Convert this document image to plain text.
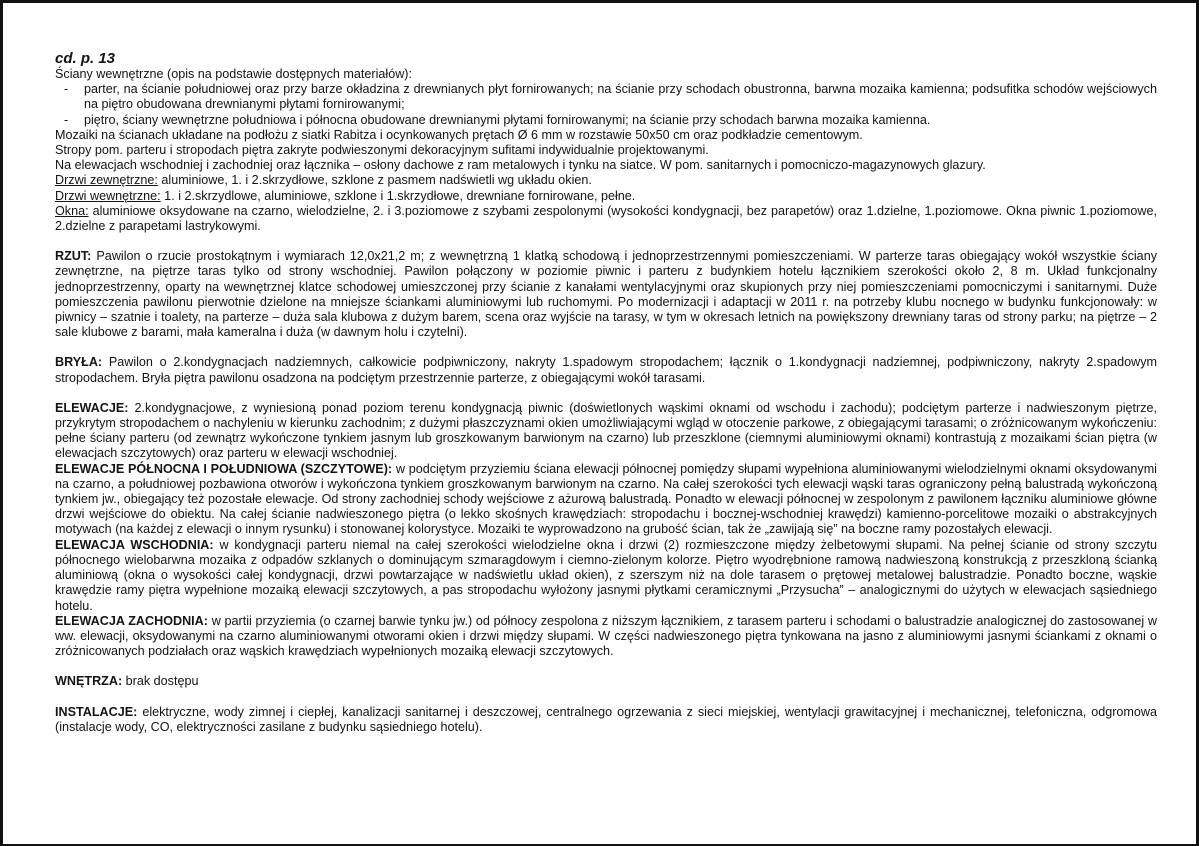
cd. p. 13

Ściany wewnętrzne (opis na podstawie dostępnych materiałów):

- parter, na ścianie południowej oraz przy barze okładzina z drewnianych płyt fornirowanych; na ścianie przy schodach obustronna, barwna mozaika kamienna; podsufitka schodów wejściowych na piętro obudowana drewnianymi płytami fornirowanymi;
- piętro, ściany wewnętrzne południowa i północna obudowane drewnianymi płytami fornirowanymi; na ścianie przy schodach barwna mozaika kamienna.

Mozaiki na ścianach układane na podłożu z siatki Rabitza i ocynkowanych prętach Ø 6 mm w rozstawie 50x50 cm oraz podkładzie cementowym.

Stropy pom. parteru i stropodach piętra zakryte podwieszonymi dekoracyjnym sufitami indywidualnie projektowanymi.

Na elewacjach wschodniej i zachodniej oraz łącznika – osłony dachowe z ram metalowych i tynku na siatce. W pom. sanitarnych i pomocniczo-magazynowych glazury.

Drzwi zewnętrzne: aluminiowe, 1. i 2.skrzydłowe, szklone z pasmem nadświetli wg układu okien.

Drzwi wewnętrzne: 1. i 2.skrzydlowe, aluminiowe, szklone i 1.skrzydłowe, drewniane fornirowane, pełne.

Okna: aluminiowe oksydowane na czarno, wielodzielne, 2. i 3.poziomowe z szybami zespolonymi (wysokości kondygnacji, bez parapetów) oraz 1.dzielne, 1.poziomowe. Okna piwnic 1.poziomowe, 2.dzielne z parapetami lastrykowymi.

RZUT: Pawilon o rzucie prostokątnym i wymiarach 12,0x21,2 m; z wewnętrzną 1 klatką schodową i jednoprzestrzennymi pomieszczeniami. W parterze taras obiegający wokół wszystkie ściany zewnętrzne, na piętrze taras tylko od strony wschodniej. Pawilon połączony w poziomie piwnic i parteru z budynkiem hotelu łącznikiem szerokości około 2, 8 m. Układ funkcjonalny jednoprzestrzenny, oparty na wewnętrznej klatce schodowej umieszczonej przy ścianie z kanałami wentylacyjnymi oraz skupionych przy niej pomieszczeniami pomocniczymi i sanitarnymi. Duże pomieszczenia pawilonu pierwotnie dzielone na mniejsze ściankami aluminiowymi lub ruchomymi. Po modernizacji i adaptacji w 2011 r. na potrzeby klubu nocnego w budynku funkcjonowały: w piwnicy – szatnie i toalety, na parterze – duża sala klubowa z dużym barem, scena oraz wyjście na tarasy, w tym w okresach letnich na powiększony drewniany taras od strony parku; na piętrze – 2 sale klubowe z barami, mała kameralna i duża (w dawnym holu i czytelni).

BRYŁA: Pawilon o 2.kondygnacjach nadziemnych, całkowicie podpiwniczony, nakryty 1.spadowym stropodachem; łącznik o 1.kondygnacji nadziemnej, podpiwniczony, nakryty 2.spadowym stropodachem. Bryła piętra pawilonu osadzona na podciętym przestrzennie parterze, z obiegającymi wokół tarasami.

ELEWACJE: 2.kondygnacjowe, z wyniesioną ponad poziom terenu kondygnacją piwnic (doświetlonych wąskimi oknami od wschodu i zachodu); podciętym parterze i nadwieszonym piętrze, przykrytym stropodachem o nachyleniu w kierunku zachodnim; z dużymi płaszczyznami okien umożliwiającymi wgląd w otoczenie parkowe, z obiegającymi tarasami; o zróżnicowanym wykończeniu: pełne ściany parteru (od zewnątrz wykończone tynkiem jasnym lub groszkowanym barwionym na czarno) lub przeszklone (ciemnymi aluminiowymi oknami) kontrastują z mozaikami ścian piętra (w elewacjach szczytowych) oraz parteru w elewacji wschodniej.

ELEWACJE PÓŁNOCNA I POŁUDNIOWA (SZCZYTOWE): w podciętym przyziemiu ściana elewacji północnej pomiędzy słupami wypełniona aluminiowanymi wielodzielnymi oknami oksydowanymi na czarno, a południowej pozbawiona otworów i wykończona tynkiem groszkowanym barwionym na czarno. Na całej szerokości tych elewacji wąski taras ograniczony pełną balustradą wykończoną tynkiem jw., obiegający też pozostałe elewacje. Od strony zachodniej schody wejściowe z ażurową balustradą. Ponadto w elewacji północnej w zespolonym z pawilonem łączniku aluminiowe główne drzwi wejściowe do obiektu. Na całej ścianie nadwieszonego piętra (o lekko skośnych krawędziach: stropodachu i bocznej-wschodniej krawędzi) kamienno-porcelitowe mozaiki o abstrakcyjnych motywach (na każdej z elewacji o innym rysunku) i stonowanej kolorystyce. Mozaiki te wyprowadzono na grubość ścian, tak że „zawijają się” na boczne ramy pozostałych elewacji.

ELEWACJA WSCHODNIA: w kondygnacji parteru niemal na całej szerokości wielodzielne okna i drzwi (2) rozmieszczone między żelbetowymi słupami. Na pełnej ścianie od strony szczytu północnego wielobarwna mozaika z odpadów szklanych o dominującym szmaragdowym i ciemno-zielonym kolorze. Piętro wyodrębnione ramową nadwieszoną konstrukcją z przeszkloną ścianką aluminiową (okna o wysokości całej kondygnacji, drzwi powtarzające w nadświetlu układ okien), z szerszym niż na dole tarasem o prętowej metalowej balustradzie. Ponadto boczne, wąskie krawędzie ramy piętra wypełnione mozaiką elewacji szczytowych, a pas stropodachu wyłożony jasnymi płytkami ceramicznymi „Przysucha” – analogicznymi do użytych w elewacjach sąsiedniego hotelu.

ELEWACJA ZACHODNIA: w partii przyziemia (o czarnej barwie tynku jw.) od północy zespolona z niższym łącznikiem, z tarasem parteru i schodami o balustradzie analogicznej do zastosowanej w ww. elewacji, oksydowanymi na czarno aluminiowanymi otworami okien i drzwi między słupami. W części nadwieszonego piętra tynkowana na jasno z aluminiowymi jasnymi ściankami z oknami o zróżnicowanych podziałach oraz wąskich krawędziach wypełnionych mozaiką elewacji szczytowych.

WNĘTRZA: brak dostępu

INSTALACJE: elektryczne, wody zimnej i ciepłej, kanalizacji sanitarnej i deszczowej, centralnego ogrzewania z sieci miejskiej, wentylacji grawitacyjnej i mechanicznej, telefoniczna, odgromowa (instalacje wody, CO, elektryczności zasilane z budynku sąsiedniego hotelu).
